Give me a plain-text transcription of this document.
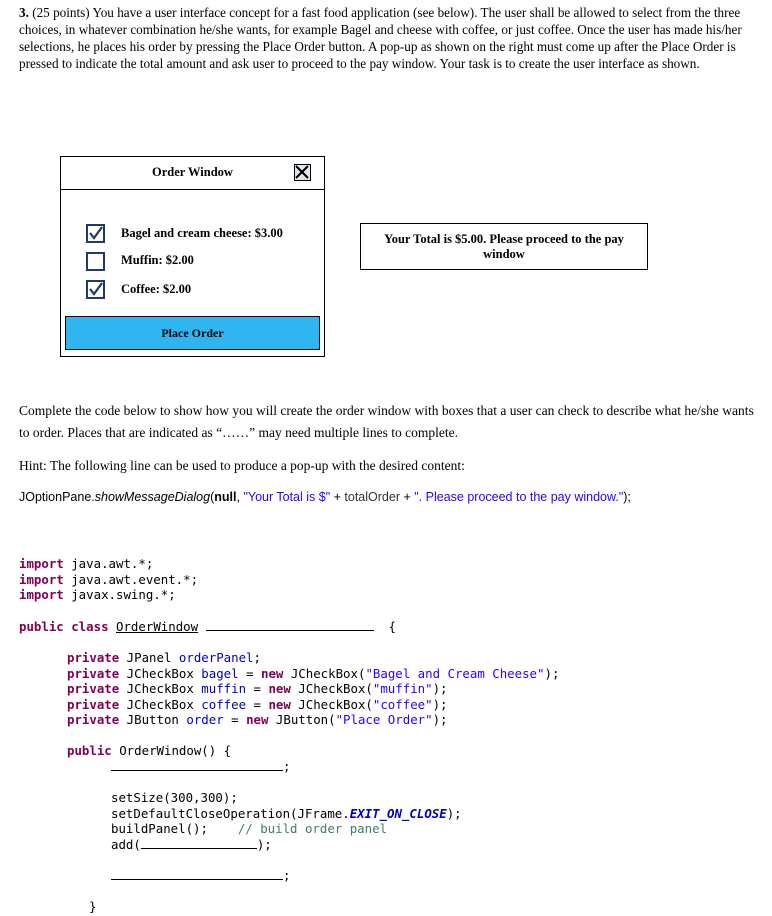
3. (25 points) You have a user interface concept for a fast food application (see below). The user shall be allowed to select from the three choices, in whatever combination he/she wants, for example Bagel and cheese with coffee, or just coffee. Once the user has made his/her selections, he places his order by pressing the Place Order button. A pop-up as shown on the right must come up after the Place Order is pressed to indicate the total amount and ask user to proceed to the pay window. Your task is to create the user interface as shown.
Order Window
Bagel and cream cheese: $3.00
Muffin: $2.00
Coffee: $2.00
Place Order
Your Total is $5.00. Please proceed to the pay
window
Complete the code below to show how you will create the order window with boxes that a user can check to describe what he/she wants to order. Places that are indicated as “……” may need multiple lines to complete.
Hint: The following line can be used to produce a pop-up with the desired content:
JOptionPane.showMessageDialog(null, "Your Total is $" + totalOrder + ". Please proceed to the pay window.");
import java.awt.*;
import java.awt.event.*;
import javax.swing.*;
public class OrderWindow	{
private JPanel orderPanel;
private JCheckBox bagel = new JCheckBox("Bagel and Cream Cheese");
private JCheckBox muffin = new JCheckBox("muffin");
private JCheckBox coffee = new JCheckBox("coffee");
private JButton order = new JButton("Place Order");
public OrderWindow() {
;
setSize(300,300);
setDefaultCloseOperation(JFrame.EXIT_ON_CLOSE);
buildPanel(); // build order panel
add(	);
;
}
